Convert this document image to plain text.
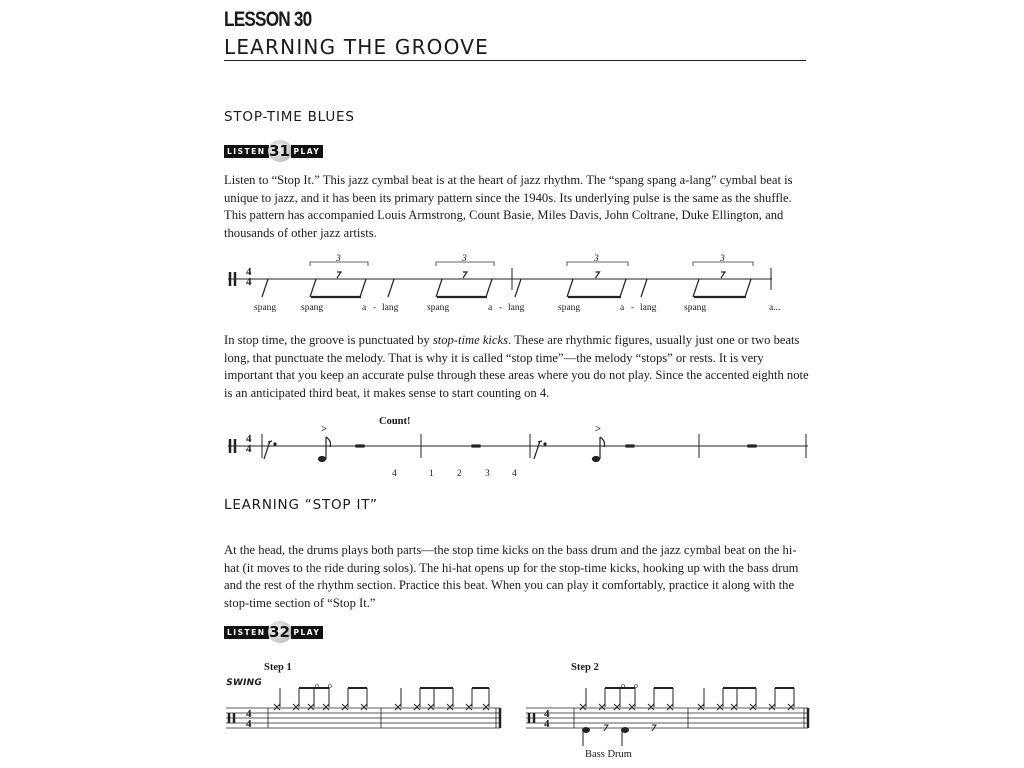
LESSON 30
LEARNING THE GROOVE
STOP-TIME BLUES
LISTEN 31 PLAY
Listen to “Stop It.” This jazz cymbal beat is at the heart of jazz rhythm. The “spang spang a-lang” cymbal beat is unique to jazz, and it has been its primary pattern since the 1940s. Its underlying pulse is the same as the shuffle. This pattern has accompanied Louis Armstrong, Count Basie, Miles Davis, John Coltrane, Duke Ellington, and thousands of other jazz artists.
4
4
3	3	3	3
spang	spang	a - lang	spang	a - lang	spang	a - lang	spang	a...
In stop time, the groove is punctuated by stop-time kicks. These are rhythmic figures, usually just one or two beats long, that punctuate the melody. That is why it is called “stop time”—the melody “stops” or rests. It is very important that you keep an accurate pulse through these areas where you do not play. Since the accented eighth note is an anticipated third beat, it makes sense to start counting on 4.
Count!
4
4
>	>
4	1 2 3 4
LEARNING “STOP IT”
At the head, the drums plays both parts—the stop time kicks on the bass drum and the jazz cymbal beat on the hi-hat (it moves to the ride during solos). The hi-hat opens up for the stop-time kicks, hooking up with the bass drum and the rest of the rhythm section. Practice this beat. When you can play it comfortably, practice it along with the stop-time section of “Stop It.”
LISTEN 32 PLAY
Step 1	Step 2
SWING	o o	o o
4
4
4
4
Bass Drum
